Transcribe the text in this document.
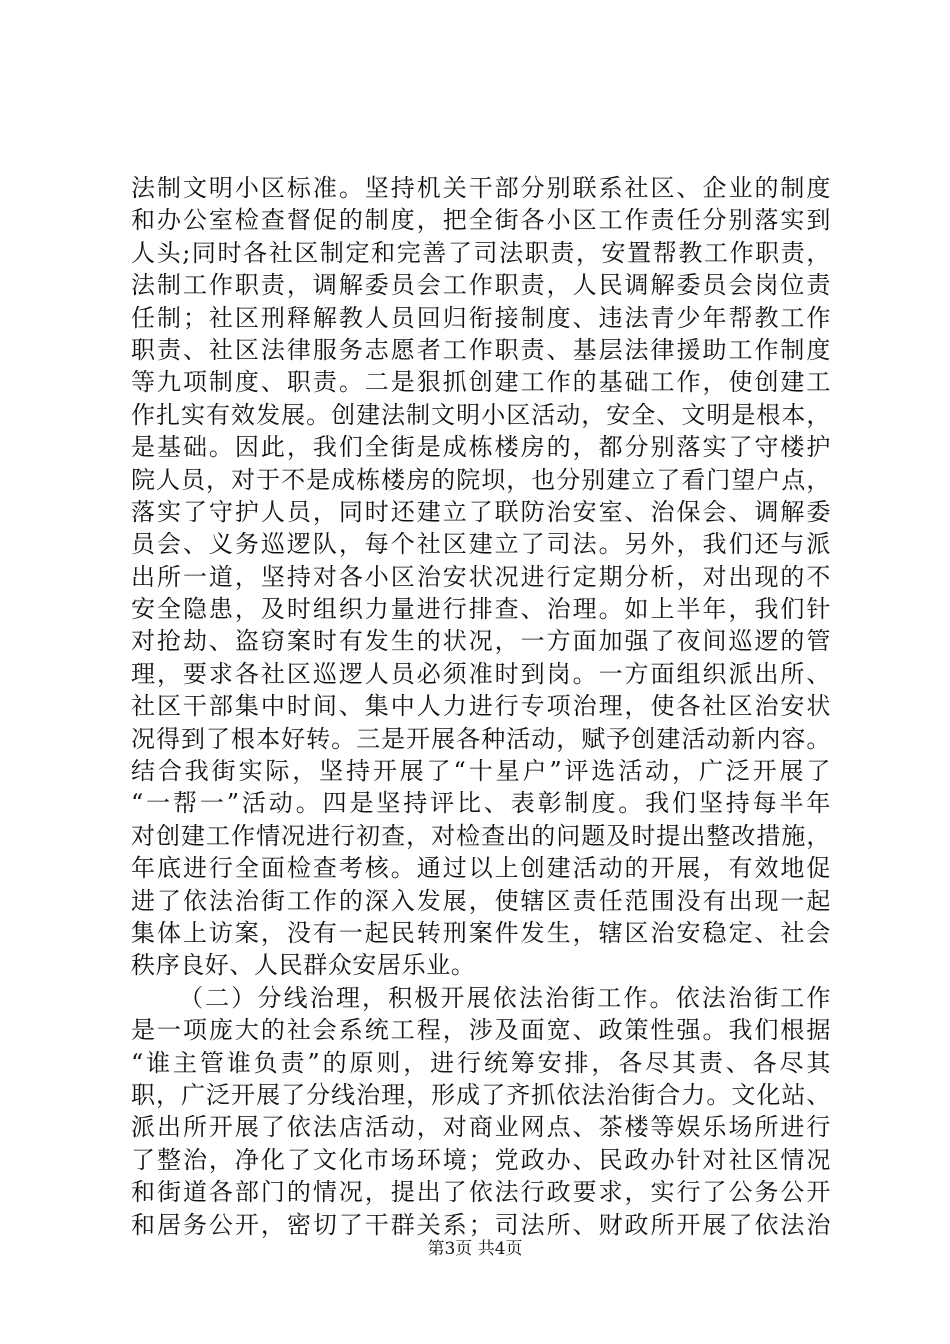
法制文明小区标准。坚持机关干部分别联系社区、企业的制度
和办公室检查督促的制度，把全街各小区工作责任分别落实到
人头;同时各社区制定和完善了司法职责，安置帮教工作职责，
法制工作职责，调解委员会工作职责，人民调解委员会岗位责
任制；社区刑释解教人员回归衔接制度、违法青少年帮教工作
职责、社区法律服务志愿者工作职责、基层法律援助工作制度
等九项制度、职责。二是狠抓创建工作的基础工作，使创建工
作扎实有效发展。创建法制文明小区活动，安全、文明是根本，
是基础。因此，我们全街是成栋楼房的，都分别落实了守楼护
院人员，对于不是成栋楼房的院坝，也分别建立了看门望户点，
落实了守护人员，同时还建立了联防治安室、治保会、调解委
员会、义务巡逻队，每个社区建立了司法。另外，我们还与派
出所一道，坚持对各小区治安状况进行定期分析，对出现的不
安全隐患，及时组织力量进行排查、治理。如上半年，我们针
对抢劫、盗窃案时有发生的状况，一方面加强了夜间巡逻的管
理，要求各社区巡逻人员必须准时到岗。一方面组织派出所、
社区干部集中时间、集中人力进行专项治理，使各社区治安状
况得到了根本好转。三是开展各种活动，赋予创建活动新内容。
结合我街实际，坚持开展了“十星户”评选活动，广泛开展了
“一帮一”活动。四是坚持评比、表彰制度。我们坚持每半年
对创建工作情况进行初查，对检查出的问题及时提出整改措施，
年底进行全面检查考核。通过以上创建活动的开展，有效地促
进了依法治街工作的深入发展，使辖区责任范围没有出现一起
集体上访案，没有一起民转刑案件发生，辖区治安稳定、社会
秩序良好、人民群众安居乐业。
（二）分线治理，积极开展依法治街工作。依法治街工作
是一项庞大的社会系统工程，涉及面宽、政策性强。我们根据
“谁主管谁负责”的原则，进行统筹安排，各尽其责、各尽其
职，广泛开展了分线治理，形成了齐抓依法治街合力。文化站、
派出所开展了依法店活动，对商业网点、茶楼等娱乐场所进行
了整治，净化了文化市场环境；党政办、民政办针对社区情况
和街道各部门的情况，提出了依法行政要求，实行了公务公开
和居务公开，密切了干群关系；司法所、财政所开展了依法治
第3页 共4页
